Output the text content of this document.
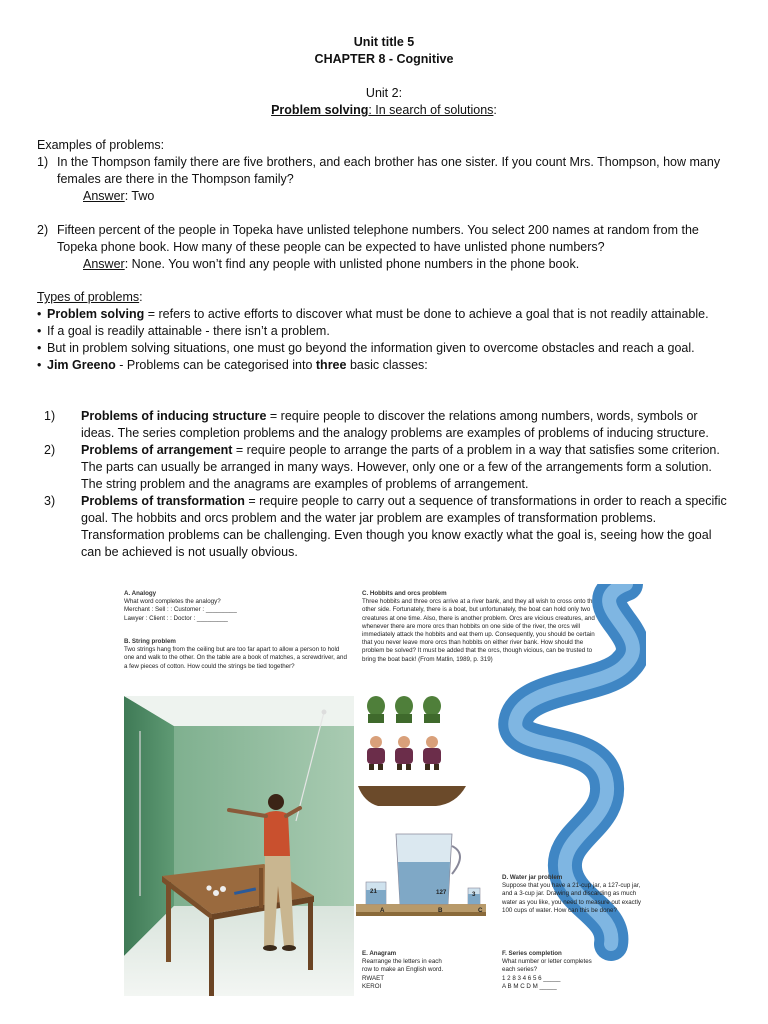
Unit title 5
CHAPTER 8 - Cognitive
Unit 2:
Problem solving: In search of solutions:
Examples of problems:
1) In the Thompson family there are five brothers, and each brother has one sister. If you count Mrs. Thompson, how many females are there in the Thompson family?
Answer: Two
2) Fifteen percent of the people in Topeka have unlisted telephone numbers. You select 200 names at random from the Topeka phone book. How many of these people can be expected to have unlisted phone numbers?
Answer: None. You won’t find any people with unlisted phone numbers in the phone book.
Types of problems:
• Problem solving = refers to active efforts to discover what must be done to achieve a goal that is not readily attainable.
• If a goal is readily attainable - there isn’t a problem.
• But in problem solving situations, one must go beyond the information given to overcome obstacles and reach a goal.
• Jim Greeno - Problems can be categorised into three basic classes:
1)	Problems of inducing structure = require people to discover the relations among numbers, words, symbols or ideas. The series completion problems and the analogy problems are examples of problems of inducing structure.
2)	Problems of arrangement = require people to arrange the parts of a problem in a way that satisfies some criterion. The parts can usually be arranged in many ways. However, only one or a few of the arrangements form a solution. The string problem and the anagrams are examples of problems of arrangement.
3)	Problems of transformation = require people to carry out a sequence of transformations in order to reach a specific goal. The hobbits and orcs problem and the water jar problem are examples of transformation problems. Transformation problems can be challenging. Even though you know exactly what the goal is, seeing how the goal can be achieved is not usually obvious.
A. Analogy
What word completes the analogy?
Merchant : Sell : : Customer : _________
Lawyer : Client : : Doctor : _________
B. String problem
Two strings hang from the ceiling but are too far apart to allow a person to hold one and walk to the other. On the table are a book of matches, a screwdriver, and a few pieces of cotton. How could the strings be tied together?
C. Hobbits and orcs problem
Three hobbits and three orcs arrive at a river bank, and they all wish to cross onto the other side. Fortunately, there is a boat, but unfortunately, the boat can hold only two creatures at one time. Also, there is another problem. Orcs are vicious creatures, and whenever there are more orcs than hobbits on one side of the river, the orcs will immediately attack the hobbits and eat them up. Consequently, you should be certain that you never leave more orcs than hobbits on either river bank. How should the problem be solved? It must be added that the orcs, though vicious, can be trusted to bring the boat back! (From Matlin, 1989, p. 319)
21	127	3
A	B	C
D. Water jar problem
Suppose that you have a 21-cup jar, a 127-cup jar, and a 3-cup jar. Drawing and discarding as much water as you like, you need to measure out exactly 100 cups of water. How can this be done?
E. Anagram
Rearrange the letters in each
row to make an English word.
RWAET
KEROI
F. Series completion
What number or letter completes
each series?
1 2 8 3 4 6 5 6 _____
A B M C D M _____
